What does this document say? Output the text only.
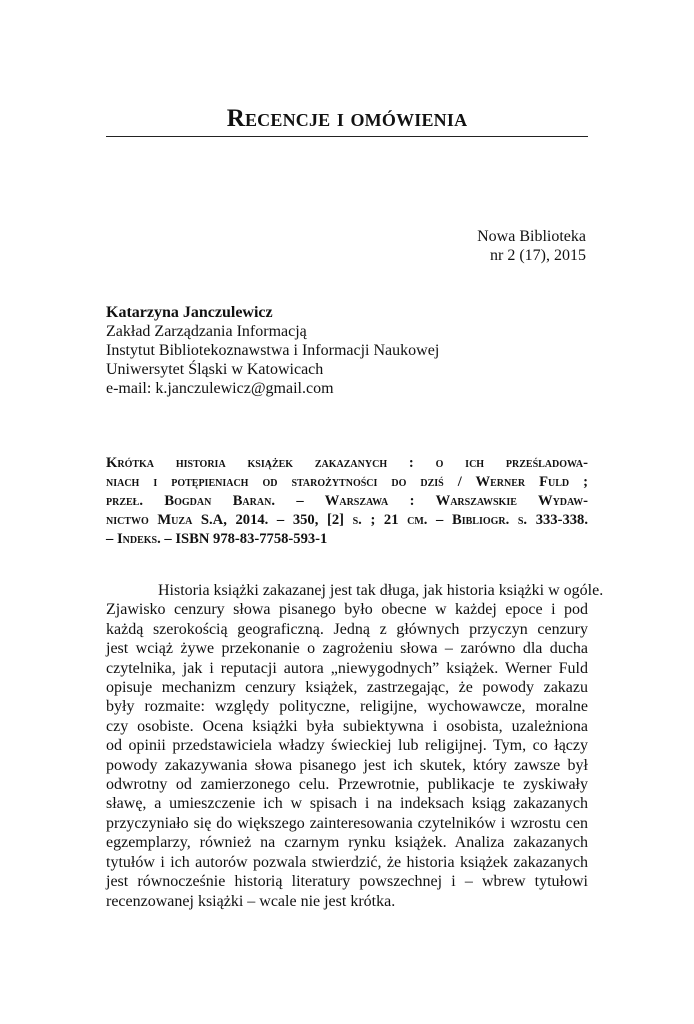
Recencje i omówienia
Nowa Biblioteka
nr 2 (17), 2015
Katarzyna Janczulewicz
Zakład Zarządzania Informacją
Instytut Bibliotekoznawstwa i Informacji Naukowej
Uniwersytet Śląski w Katowicach
e-mail: k.janczulewicz@gmail.com
Krótka historia książek zakazanych : o ich prześladowa-
niach i potępieniach od starożytności do dziś / Werner Fuld ;
przeł. Bogdan Baran. – Warszawa : Warszawskie Wydaw-
nictwo Muza S.A, 2014. – 350, [2] s. ; 21 cm. – Bibliogr. s. 333-338.
– Indeks. – ISBN 978-83-7758-593-1
Historia książki zakazanej jest tak długa, jak historia książki w ogóle.
Zjawisko cenzury słowa pisanego było obecne w każdej epoce i pod
każdą szerokością geograficzną. Jedną z głównych przyczyn cenzury
jest wciąż żywe przekonanie o zagrożeniu słowa – zarówno dla ducha
czytelnika, jak i reputacji autora „niewygodnych” książek. Werner Fuld
opisuje mechanizm cenzury książek, zastrzegając, że powody zakazu
były rozmaite: względy polityczne, religijne, wychowawcze, moralne
czy osobiste. Ocena książki była subiektywna i osobista, uzależniona
od opinii przedstawiciela władzy świeckiej lub religijnej. Tym, co łączy
powody zakazywania słowa pisanego jest ich skutek, który zawsze był
odwrotny od zamierzonego celu. Przewrotnie, publikacje te zyskiwały
sławę, a umieszczenie ich w spisach i na indeksach ksiąg zakazanych
przyczyniało się do większego zainteresowania czytelników i wzrostu cen
egzemplarzy, również na czarnym rynku książek. Analiza zakazanych
tytułów i ich autorów pozwala stwierdzić, że historia książek zakazanych
jest równocześnie historią literatury powszechnej i – wbrew tytułowi
recenzowanej książki – wcale nie jest krótka.
